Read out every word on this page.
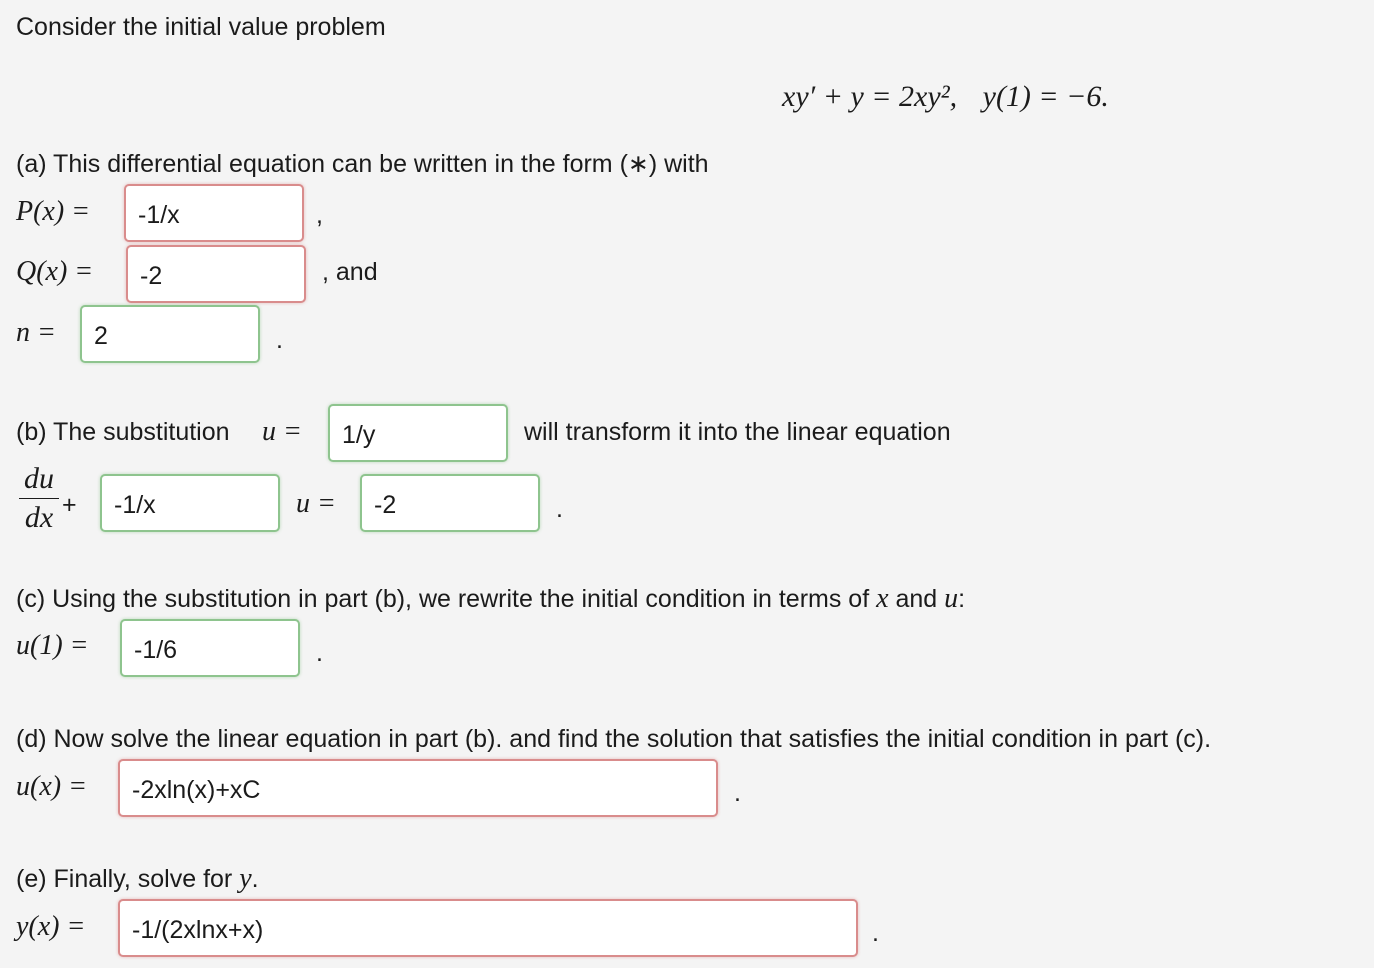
Consider the initial value problem
xy′ + y = 2xy², y(1) = −6.
(a) This differential equation can be written in the form (∗) with
P(x) =	-1/x	,
Q(x) =	-2	, and
n =	2	.
(b) The substitution u =	1/y	will transform it into the linear equation
du
dx +	-1/x	u =	-2	.
(c) Using the substitution in part (b), we rewrite the initial condition in terms of x and u:
u(1) =	-1/6	.
(d) Now solve the linear equation in part (b). and find the solution that satisfies the initial condition in part (c).
u(x) =	-2xln(x)+xC	.
(e) Finally, solve for y.
y(x) =	-1/(2xlnx+x)	.
